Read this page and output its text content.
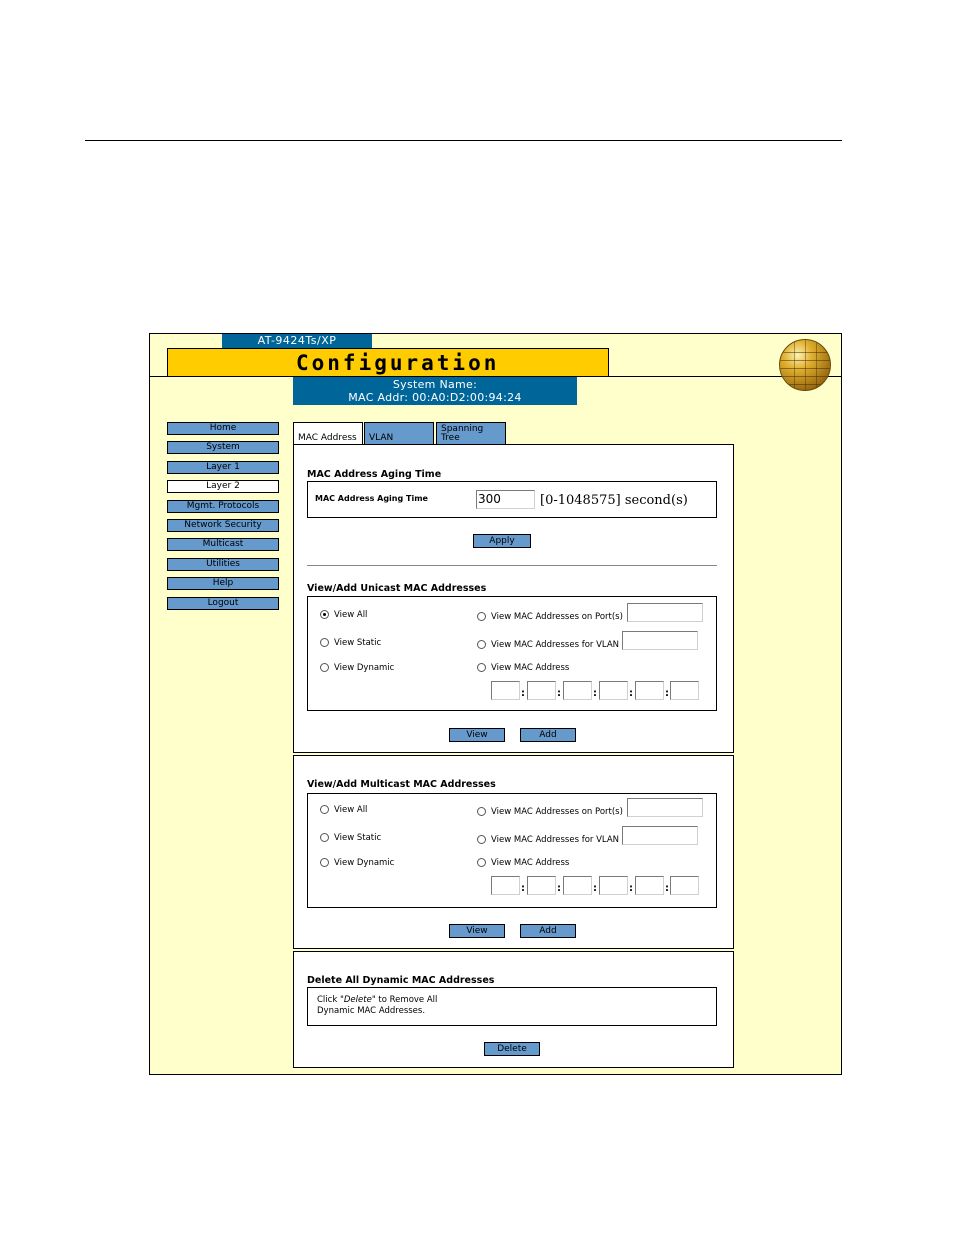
AT-9424Ts/XP
Configuration
System Name:
MAC Addr: 00:A0:D2:00:94:24
Home
System
Layer 1
Layer 2
Mgmt. Protocols
Network Security
Multicast
Utilities
Help
Logout
MAC Address	VLAN
Spanning
Tree
MAC Address Aging Time
MAC Address Aging Time	300	[0-1048575] second(s)
Apply
View/Add Unicast MAC Addresses
View All
View Static
View Dynamic
View MAC Addresses on Port(s)
View MAC Addresses for VLAN
View MAC Address
:	:	:	:	:
View	Add
View/Add Multicast MAC Addresses
View All
View Static
View Dynamic
View MAC Addresses on Port(s)
View MAC Addresses for VLAN
View MAC Address
:	:	:	:	:
View	Add
Delete All Dynamic MAC Addresses
Click "Delete" to Remove All
Dynamic MAC Addresses.
Delete
